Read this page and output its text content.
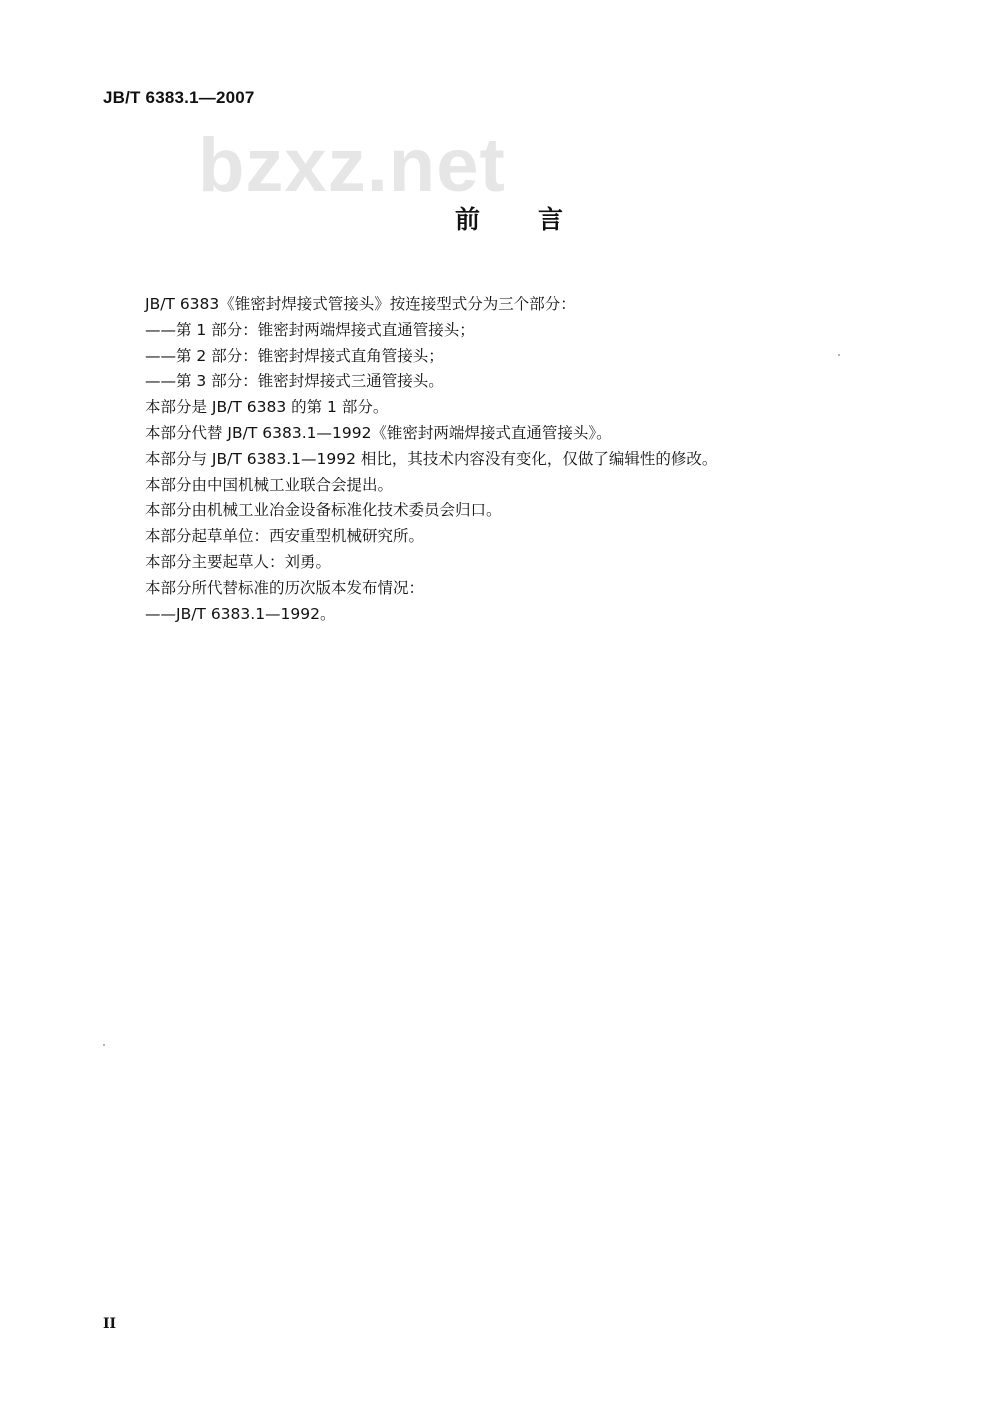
JB/T 6383.1—2007
bzxz.net
前 言
JB/T 6383《锥密封焊接式管接头》按连接型式分为三个部分：
——第 1 部分：锥密封两端焊接式直通管接头；
——第 2 部分：锥密封焊接式直角管接头；
——第 3 部分：锥密封焊接式三通管接头。
本部分是 JB/T 6383 的第 1 部分。
本部分代替 JB/T 6383.1—1992《锥密封两端焊接式直通管接头》。
本部分与 JB/T 6383.1—1992 相比，其技术内容没有变化，仅做了编辑性的修改。
本部分由中国机械工业联合会提出。
本部分由机械工业冶金设备标准化技术委员会归口。
本部分起草单位：西安重型机械研究所。
本部分主要起草人：刘勇。
本部分所代替标准的历次版本发布情况：
——JB/T 6383.1—1992。
II
